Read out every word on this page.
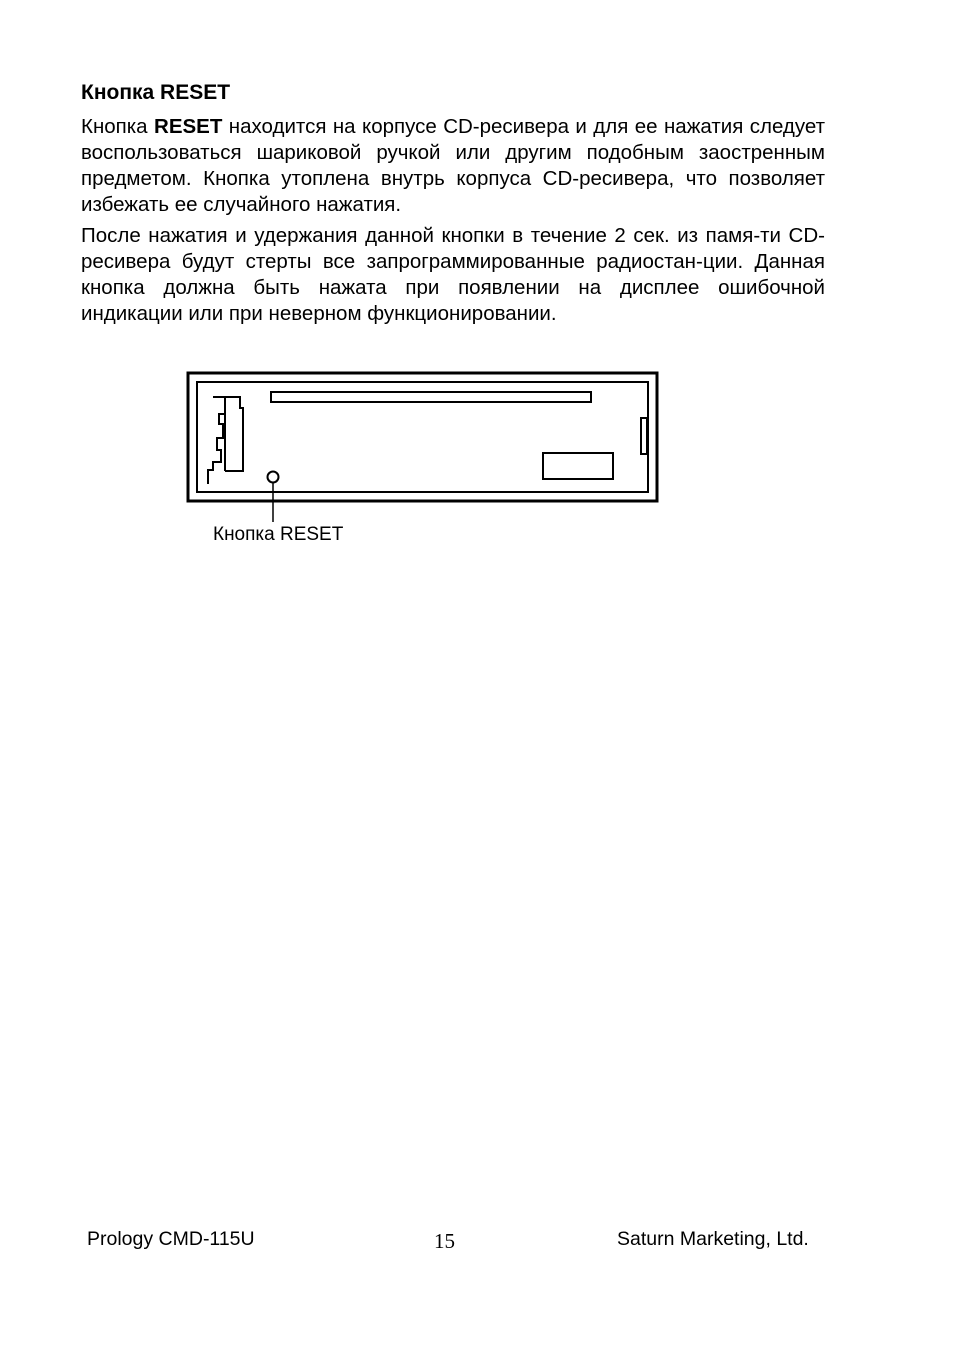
Кнопка RESET

Кнопка RESET находится на корпусе CD-ресивера и для ее нажатия следует воспользоваться шариковой ручкой или другим подобным заостренным предметом. Кнопка утоплена внутрь корпуса CD-ресивера, что позволяет избежать ее случайного нажатия.

После нажатия и удержания данной кнопки в течение 2 сек. из памя-ти CD-ресивера будут стерты все запрограммированные радиостан-ции. Данная кнопка должна быть нажата при появлении на дисплее ошибочной индикации или при неверном функционировании.

Кнопка RESET
Prology CMD-115U	15	Saturn Marketing, Ltd.
